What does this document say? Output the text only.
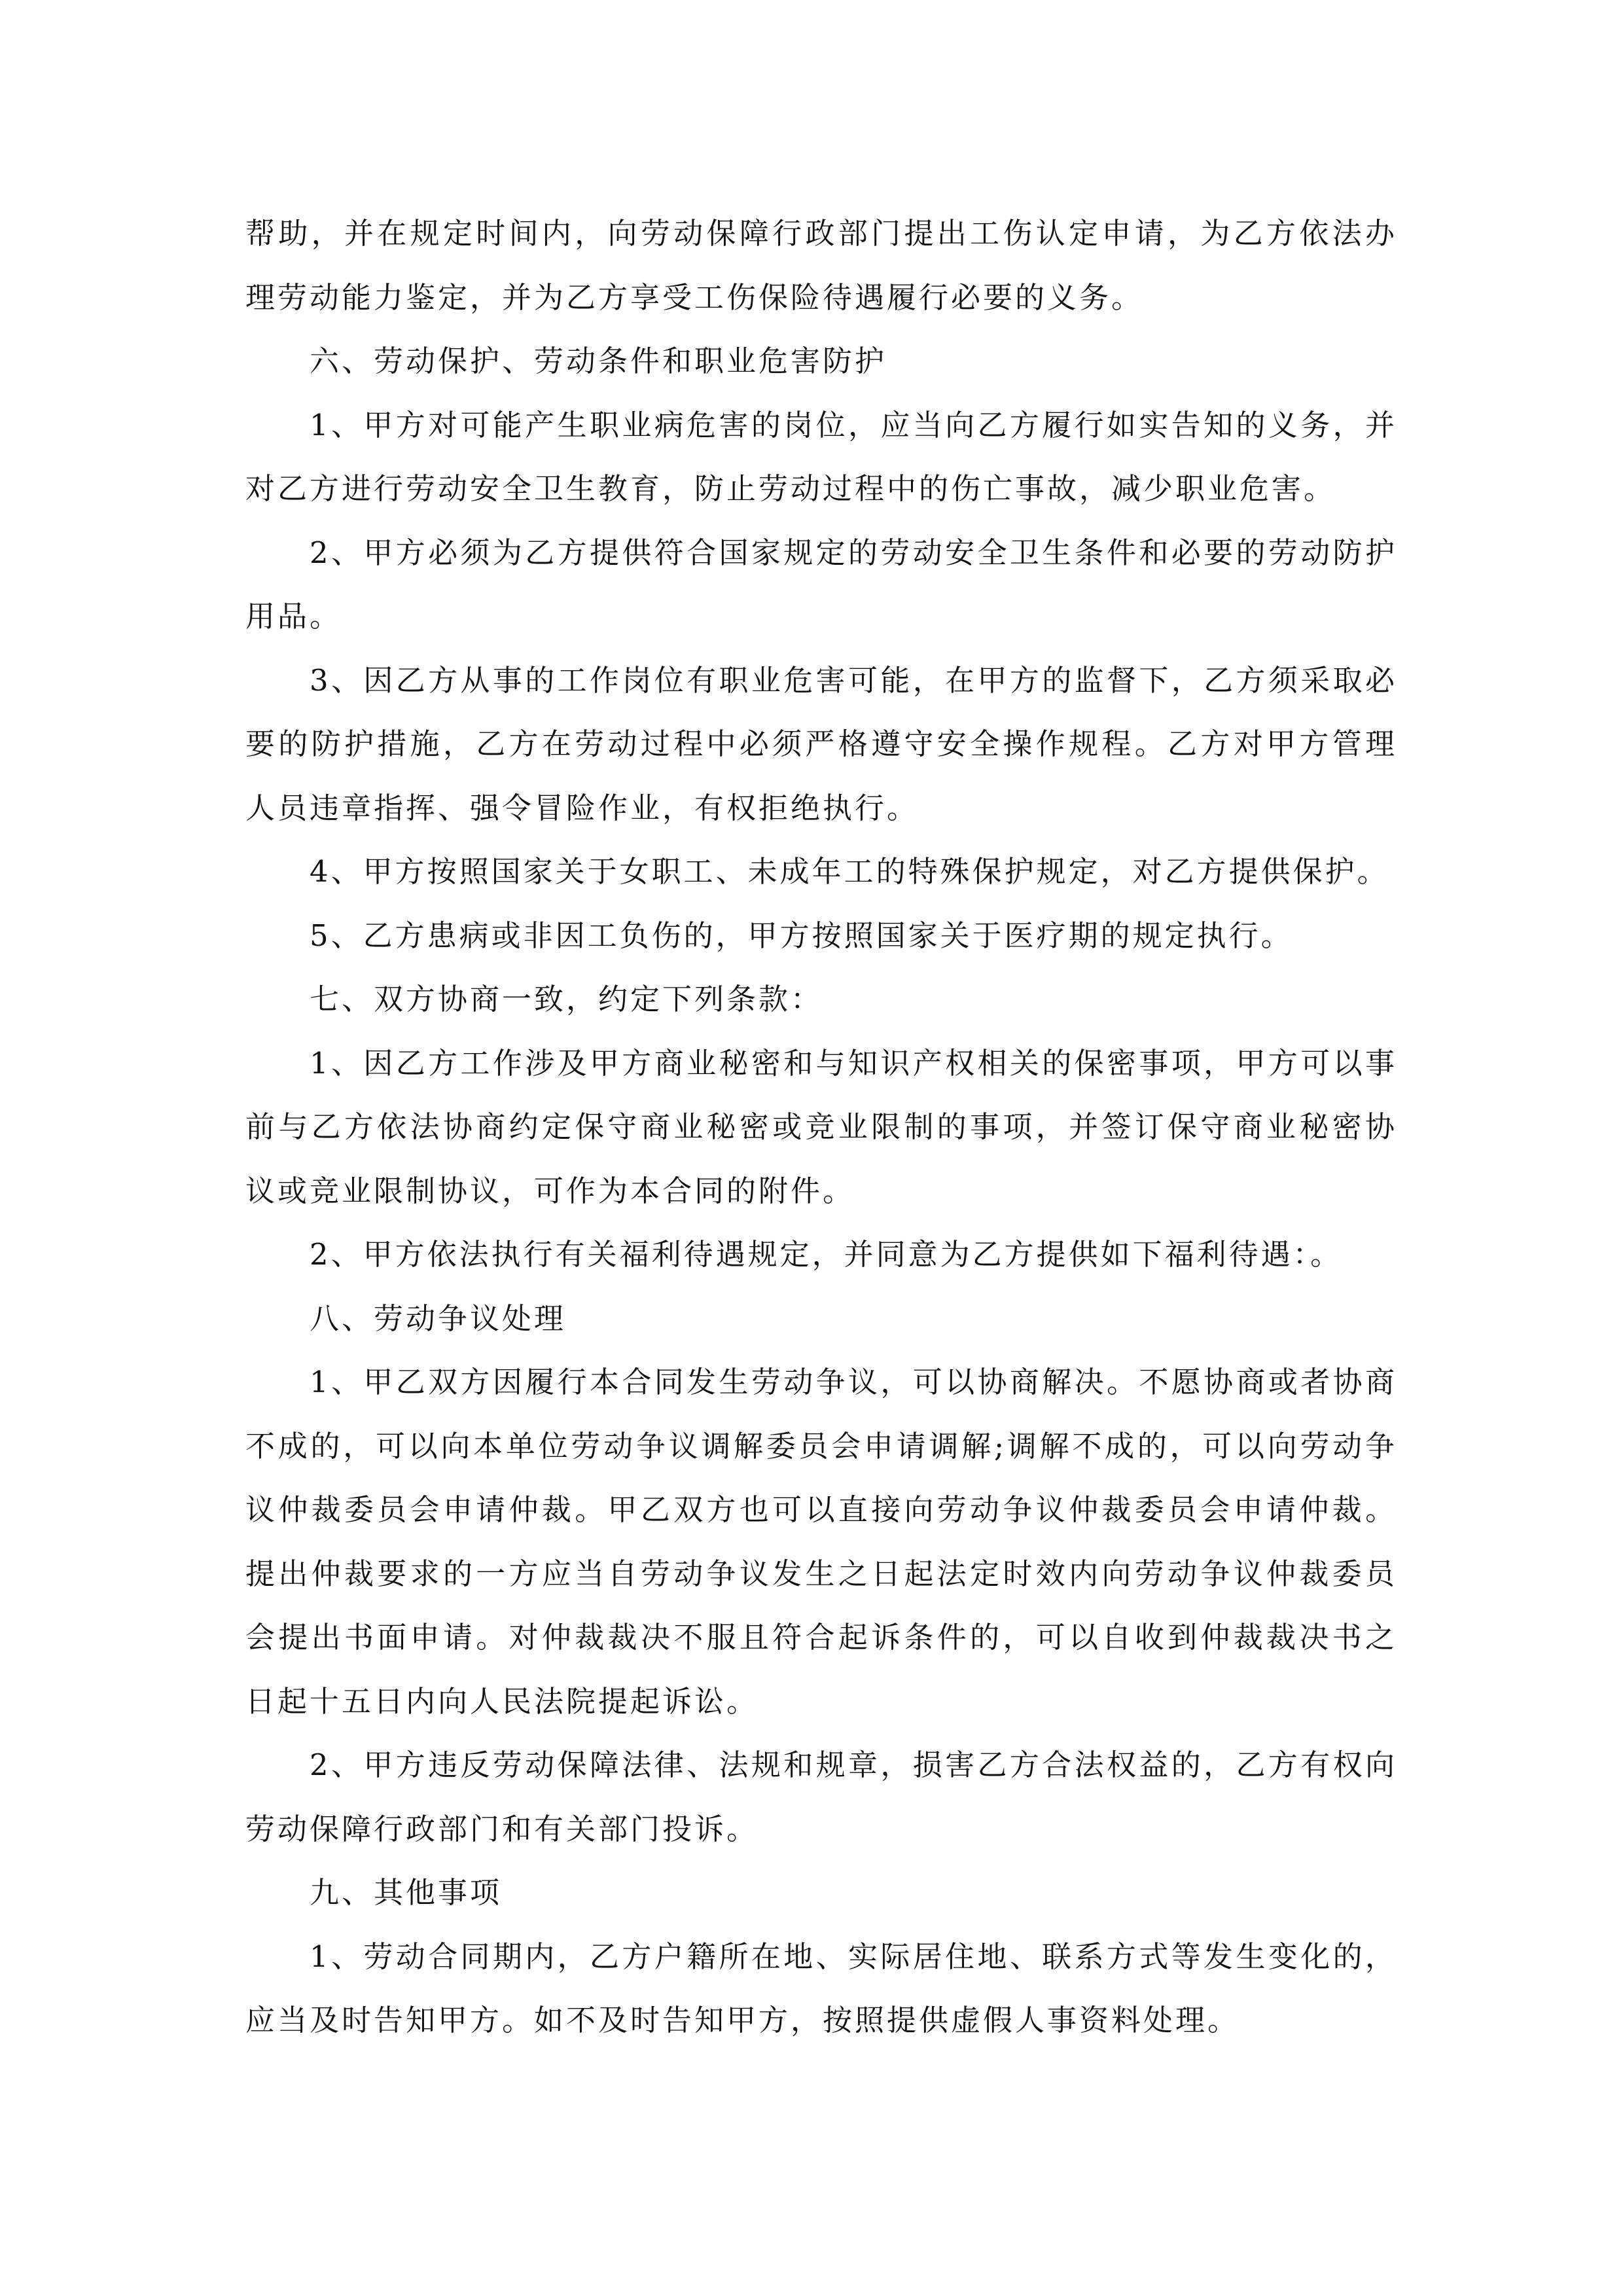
帮助，并在规定时间内，向劳动保障行政部门提出工伤认定申请，为乙方依法办理劳动能力鉴定，并为乙方享受工伤保险待遇履行必要的义务。

六、劳动保护、劳动条件和职业危害防护

1、甲方对可能产生职业病危害的岗位，应当向乙方履行如实告知的义务，并对乙方进行劳动安全卫生教育，防止劳动过程中的伤亡事故，减少职业危害。

2、甲方必须为乙方提供符合国家规定的劳动安全卫生条件和必要的劳动防护用品。

3、因乙方从事的工作岗位有职业危害可能，在甲方的监督下，乙方须采取必要的防护措施，乙方在劳动过程中必须严格遵守安全操作规程。乙方对甲方管理人员违章指挥、强令冒险作业，有权拒绝执行。

4、甲方按照国家关于女职工、未成年工的特殊保护规定，对乙方提供保护。

5、乙方患病或非因工负伤的，甲方按照国家关于医疗期的规定执行。

七、双方协商一致，约定下列条款：

1、因乙方工作涉及甲方商业秘密和与知识产权相关的保密事项，甲方可以事前与乙方依法协商约定保守商业秘密或竞业限制的事项，并签订保守商业秘密协议或竞业限制协议，可作为本合同的附件。

2、甲方依法执行有关福利待遇规定，并同意为乙方提供如下福利待遇：。

八、劳动争议处理

1、甲乙双方因履行本合同发生劳动争议，可以协商解决。不愿协商或者协商不成的，可以向本单位劳动争议调解委员会申请调解;调解不成的，可以向劳动争议仲裁委员会申请仲裁。甲乙双方也可以直接向劳动争议仲裁委员会申请仲裁。提出仲裁要求的一方应当自劳动争议发生之日起法定时效内向劳动争议仲裁委员会提出书面申请。对仲裁裁决不服且符合起诉条件的，可以自收到仲裁裁决书之日起十五日内向人民法院提起诉讼。

2、甲方违反劳动保障法律、法规和规章，损害乙方合法权益的，乙方有权向劳动保障行政部门和有关部门投诉。

九、其他事项

1、劳动合同期内，乙方户籍所在地、实际居住地、联系方式等发生变化的，应当及时告知甲方。如不及时告知甲方，按照提供虚假人事资料处理。
